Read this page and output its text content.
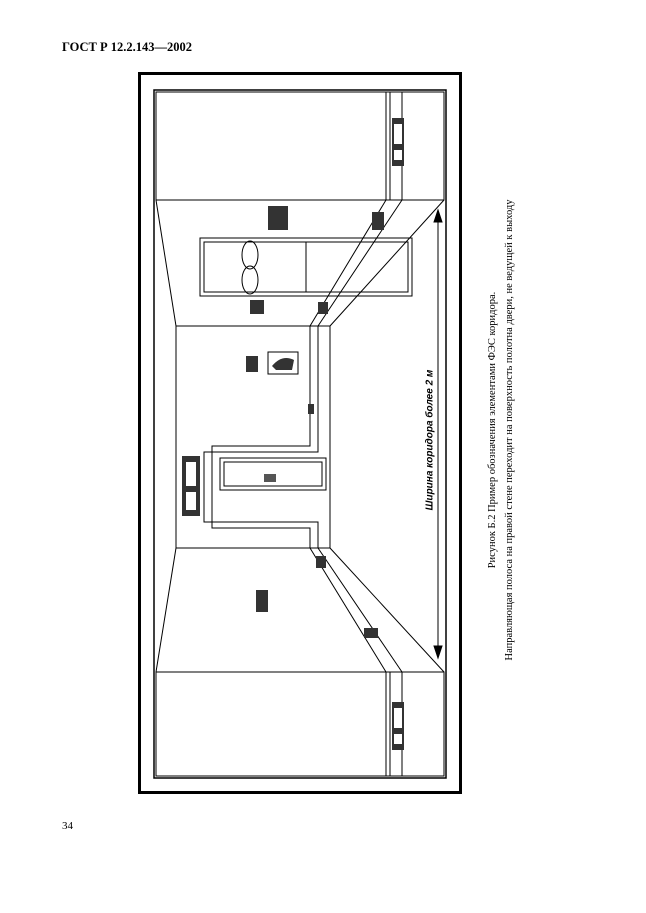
ГОСТ Р 12.2.143—2002
Ширина коридора более 2 м	Рисунок Б.2 Пример обозначения элементами ФЭС коридора. Направляющая полоса на правой стене переходит на поверхность полотна двери, не ведущей к выходу
34
